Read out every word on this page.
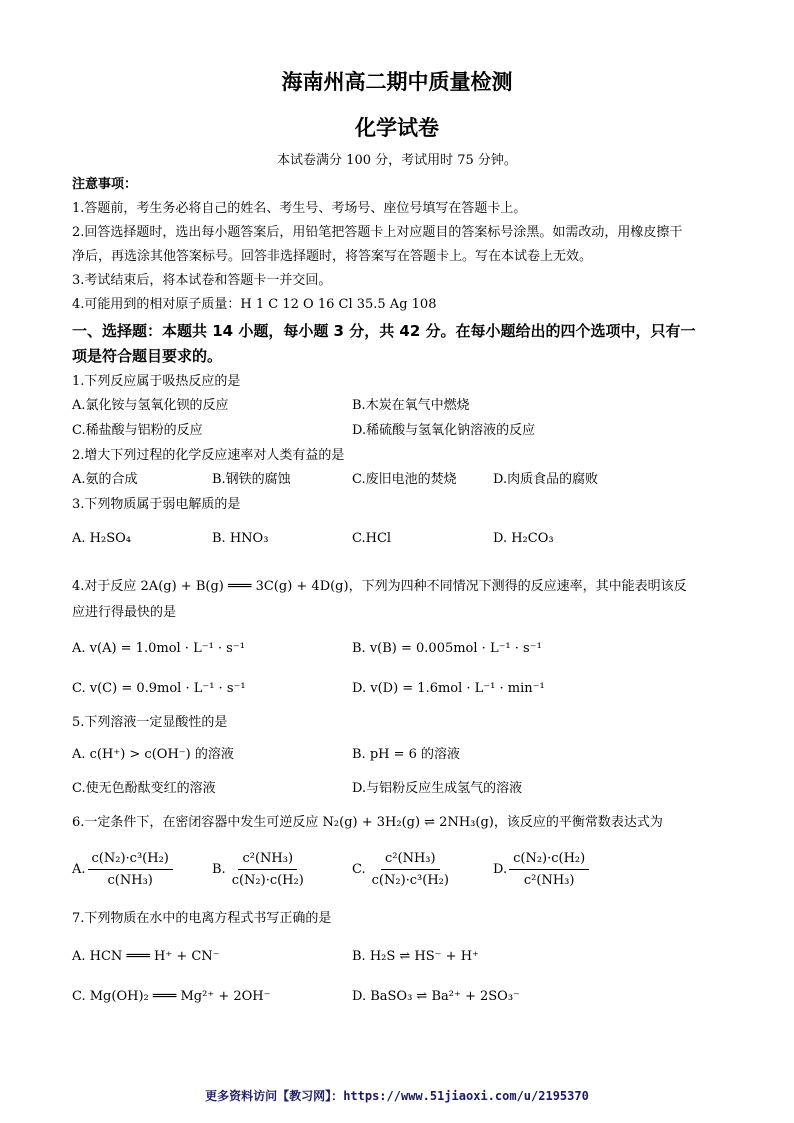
海南州高二期中质量检测
化学试卷
本试卷满分 100 分，考试用时 75 分钟。
注意事项：
1.答题前，考生务必将自己的姓名、考生号、考场号、座位号填写在答题卡上。
2.回答选择题时，选出每小题答案后，用铅笔把答题卡上对应题目的答案标号涂黑。如需改动，用橡皮擦干
净后，再选涂其他答案标号。回答非选择题时，将答案写在答题卡上。写在本试卷上无效。
3.考试结束后，将本试卷和答题卡一并交回。
4.可能用到的相对原子质量：H 1 C 12 O 16 Cl 35.5 Ag 108
一、选择题：本题共 14 小题，每小题 3 分，共 42 分。在每小题给出的四个选项中，只有一
项是符合题目要求的。
1.下列反应属于吸热反应的是
A.氯化铵与氢氧化钡的反应	B.木炭在氧气中燃烧
C.稀盐酸与铝粉的反应	D.稀硫酸与氢氧化钠溶液的反应
2.增大下列过程的化学反应速率对人类有益的是
A.氨的合成	B.钢铁的腐蚀	C.废旧电池的焚烧	D.肉质食品的腐败
3.下列物质属于弱电解质的是
A. H₂SO₄	B. HNO₃	C.HCl	D. H₂CO₃
4.对于反应 2A(g) + B(g) ═══ 3C(g) + 4D(g)，下列为四种不同情况下测得的反应速率，其中能表明该反
应进行得最快的是
A. v(A) = 1.0mol · L⁻¹ · s⁻¹	B. v(B) = 0.005mol · L⁻¹ · s⁻¹
C. v(C) = 0.9mol · L⁻¹ · s⁻¹	D. v(D) = 1.6mol · L⁻¹ · min⁻¹
5.下列溶液一定显酸性的是
A. c(H⁺) > c(OH⁻) 的溶液	B. pH = 6 的溶液
C.使无色酚酞变红的溶液	D.与铝粉反应生成氢气的溶液
6.一定条件下，在密闭容器中发生可逆反应 N₂(g) + 3H₂(g) ⇌ 2NH₃(g)，该反应的平衡常数表达式为
A. $\frac{\text{c(N₂)·c³(H₂)}}{\text{c(NH₃)}}$	B. $\frac{\text{c²(NH₃)}}{\text{c(N₂)·c(H₂)}}$	C. $\frac{\text{c²(NH₃)}}{\text{c(N₂)·c³(H₂)}}$	D. $\frac{\text{c(N₂)·c(H₂)}}{\text{c²(NH₃)}}$
7.下列物质在水中的电离方程式书写正确的是
A. HCN ═══ H⁺ + CN⁻	B. H₂S ⇌ HS⁻ + H⁺
C. Mg(OH)₂ ═══ Mg²⁺ + 2OH⁻	D. BaSO₃ ⇌ Ba²⁺ + 2SO₃⁻
更多资料访问【教习网】：https://www.51jiaoxi.com/u/2195370
